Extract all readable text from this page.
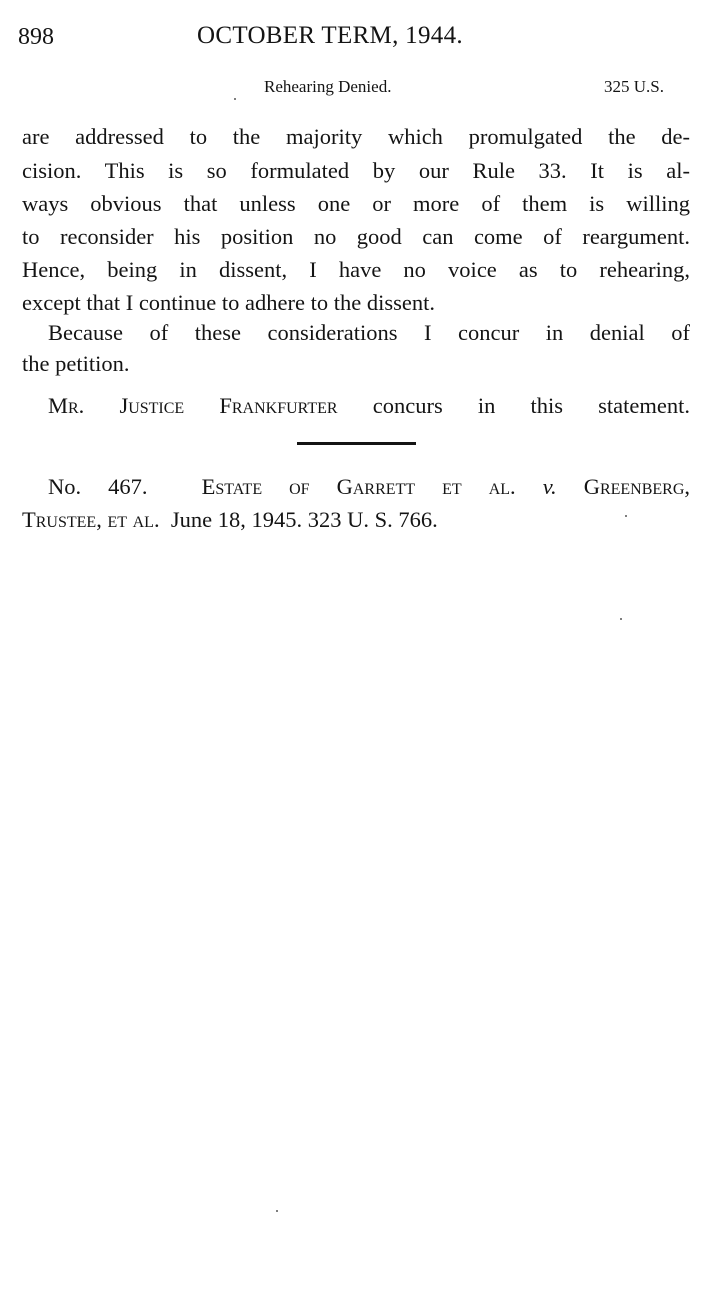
898	OCTOBER TERM, 1944.
Rehearing Denied.	325 U.S.
are addressed to the majority which promulgated the de-
cision. This is so formulated by our Rule 33. It is al-
ways obvious that unless one or more of them is willing
to reconsider his position no good can come of reargument.
Hence, being in dissent, I have no voice as to rehearing,
except that I continue to adhere to the dissent.
Because of these considerations I concur in denial of
the petition.
Mr. Justice Frankfurter concurs in this statement.
No. 467. Estate of Garrett et al. v. Greenberg,
Trustee, et al. June 18, 1945. 323 U. S. 766.
